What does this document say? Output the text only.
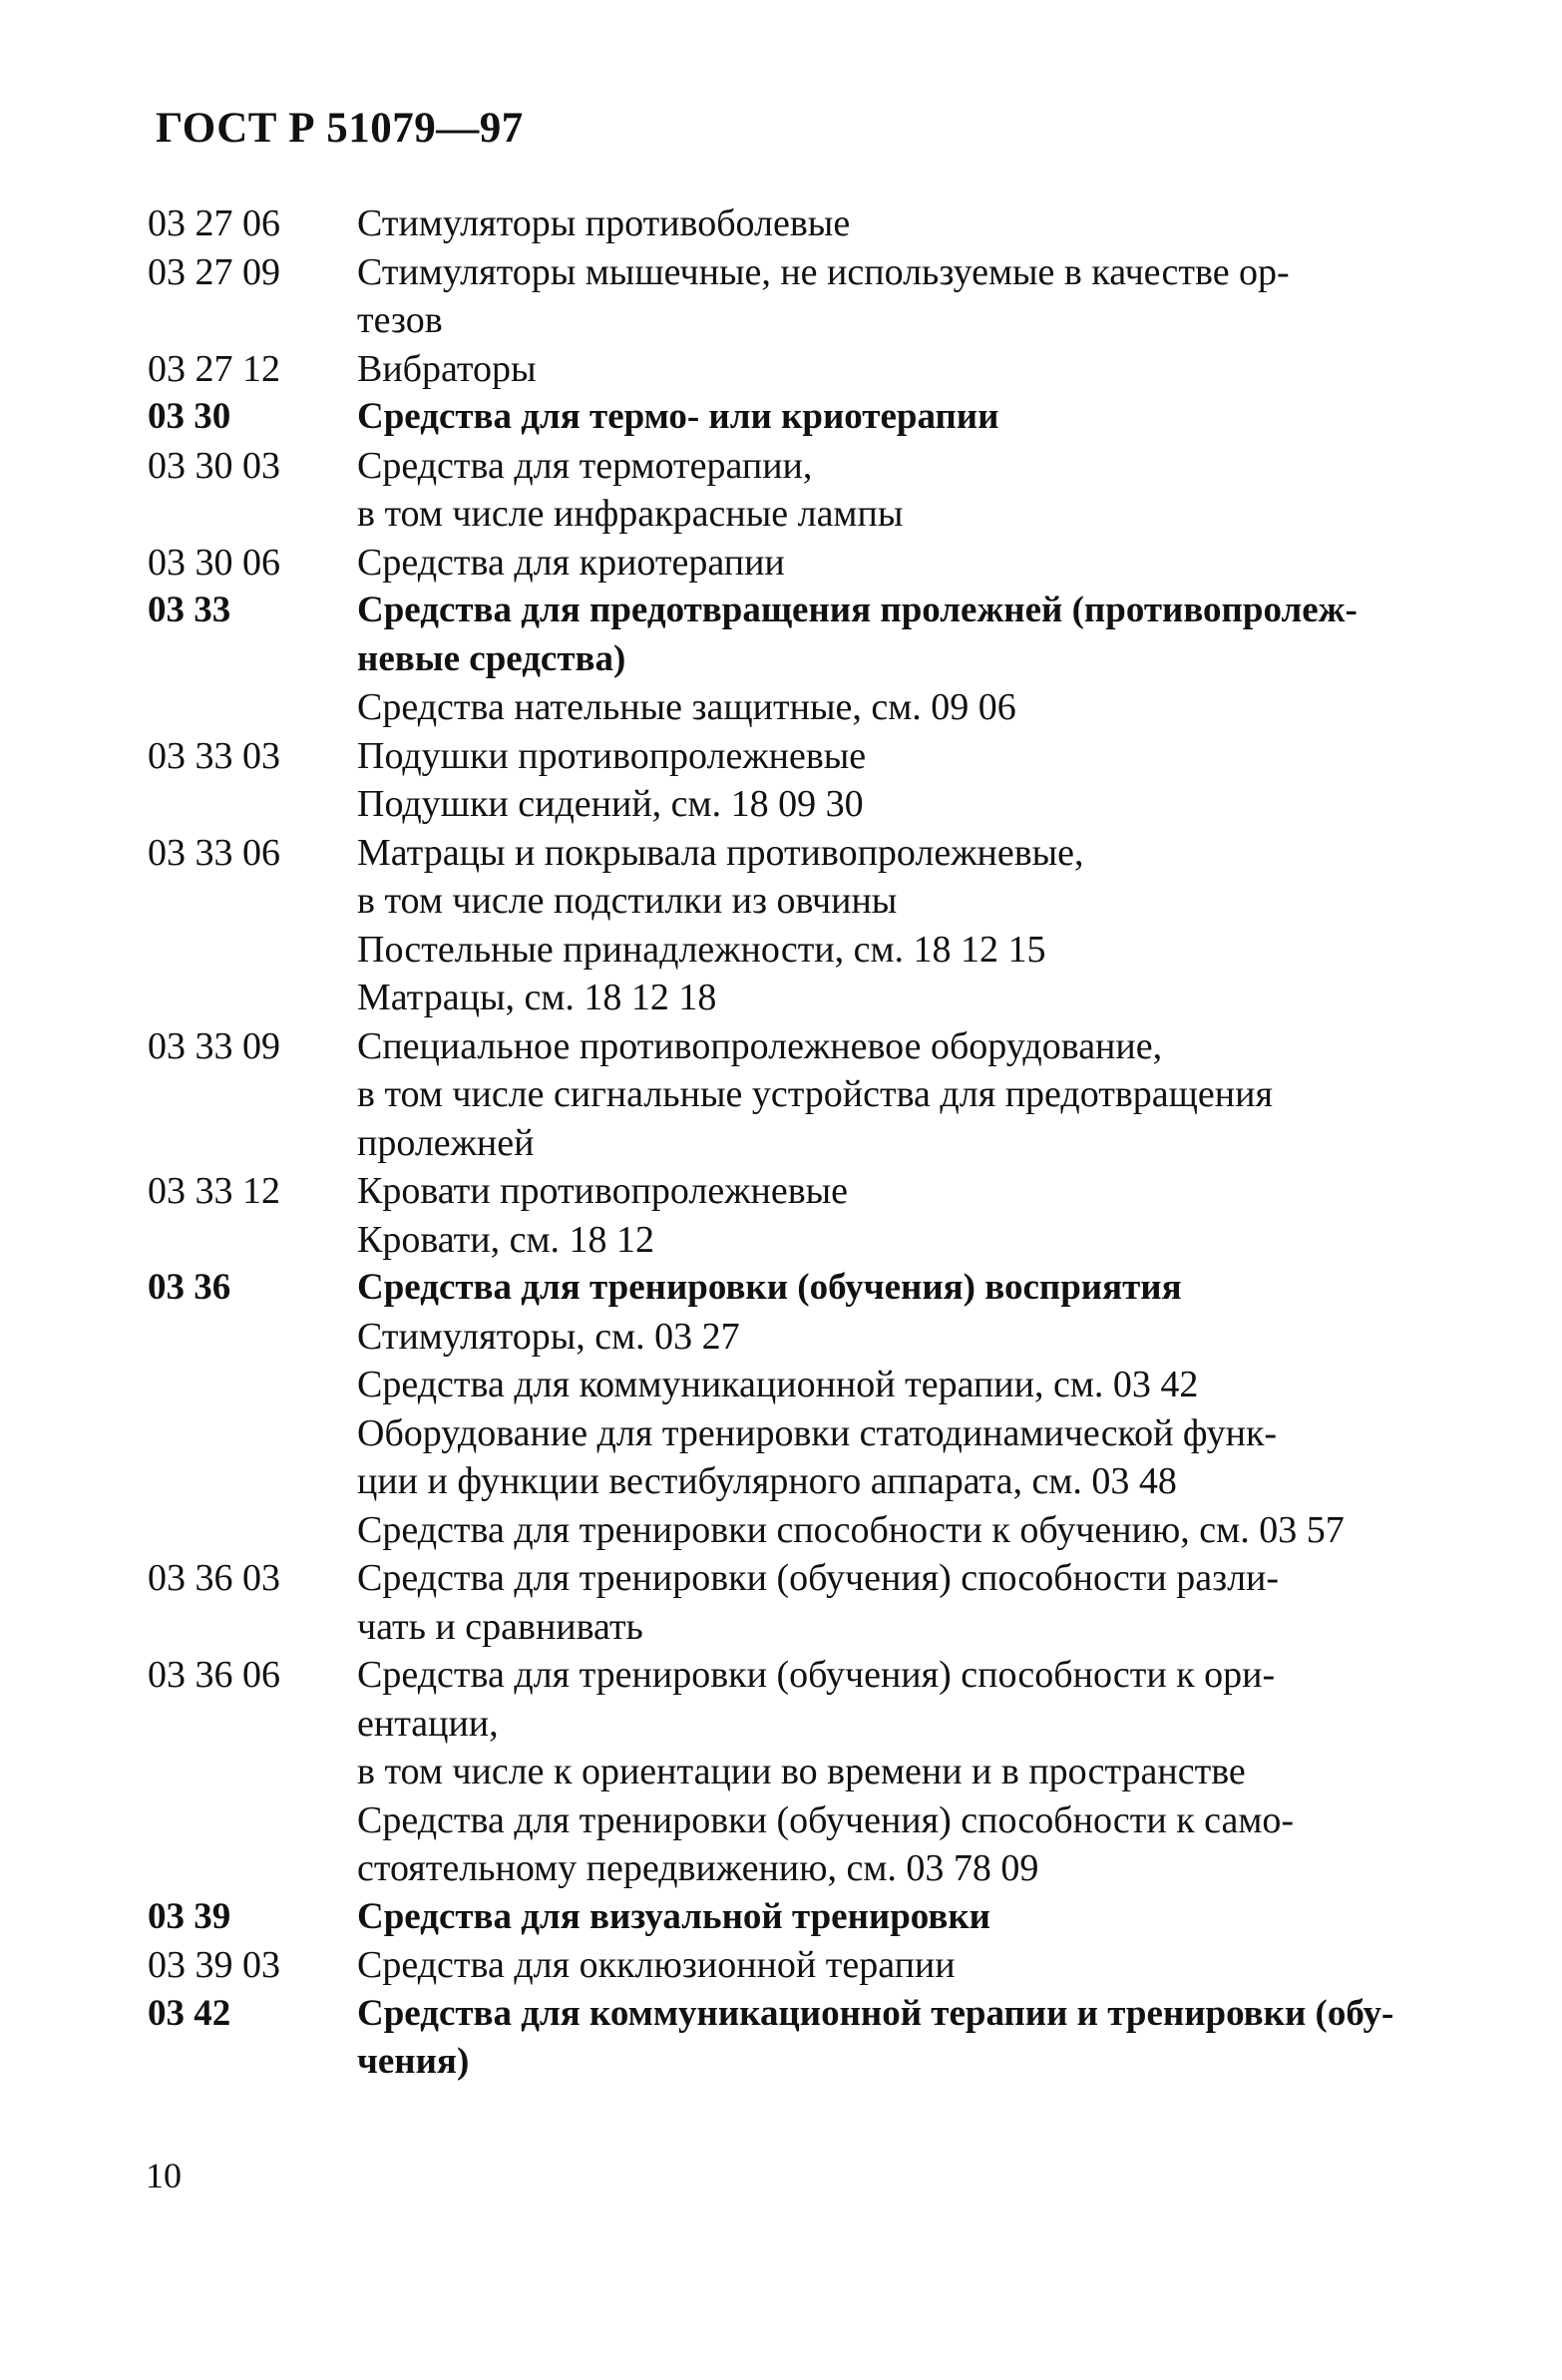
ГОСТ Р 51079—97
03 27 06	Стимуляторы противоболевые
03 27 09	Стимуляторы мышечные, не используемые в качестве ор-
тезов
03 27 12	Вибраторы
03 30	Средства для термо- или криотерапии
03 30 03	Средства для термотерапии,
в том числе инфракрасные лампы
03 30 06	Средства для криотерапии
03 33	Средства для предотвращения пролежней (противопролеж-
невые средства)
Средства нательные защитные, см. 09 06
03 33 03	Подушки противопролежневые
Подушки сидений, см. 18 09 30
03 33 06	Матрацы и покрывала противопролежневые,
в том числе подстилки из овчины
Постельные принадлежности, см. 18 12 15
Матрацы, см. 18 12 18
03 33 09	Специальное противопролежневое оборудование,
в том числе сигнальные устройства для предотвращения
пролежней
03 33 12	Кровати противопролежневые
Кровати, см. 18 12
03 36	Средства для тренировки (обучения) восприятия
Стимуляторы, см. 03 27
Средства для коммуникационной терапии, см. 03 42
Оборудование для тренировки статодинамической функ-
ции и функции вестибулярного аппарата, см. 03 48
Средства для тренировки способности к обучению, см. 03 57
03 36 03	Средства для тренировки (обучения) способности разли-
чать и сравнивать
03 36 06	Средства для тренировки (обучения) способности к ори-
ентации,
в том числе к ориентации во времени и в пространстве
Средства для тренировки (обучения) способности к само-
стоятельному передвижению, см. 03 78 09
03 39	Средства для визуальной тренировки
03 39 03	Средства для окклюзионной терапии
03 42	Средства для коммуникационной терапии и тренировки (обу-
чения)
10
